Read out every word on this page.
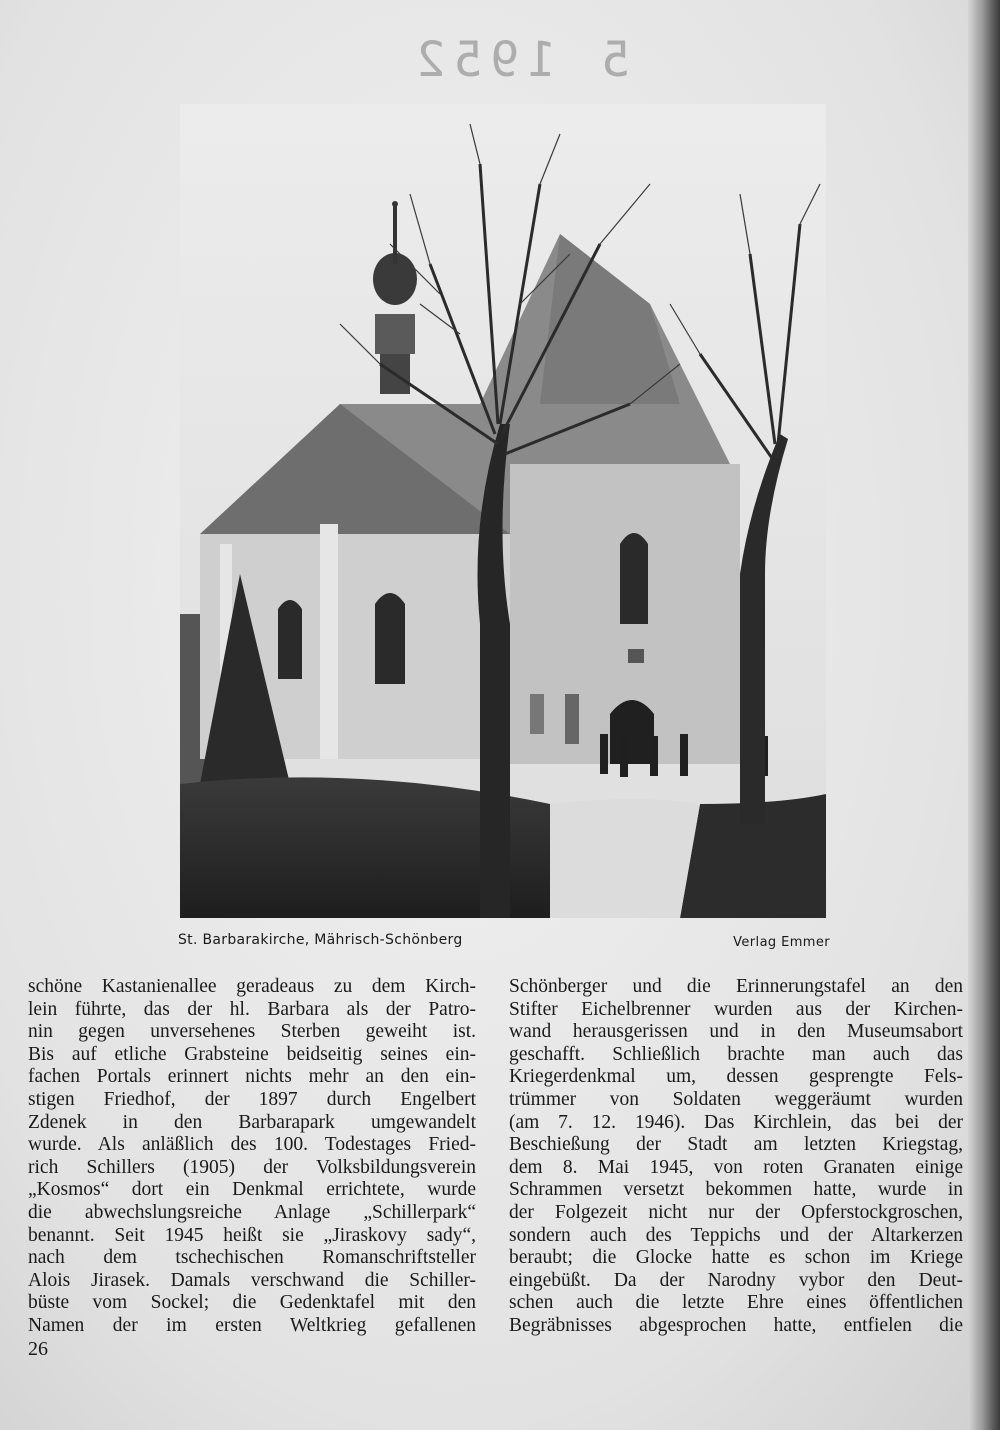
5 1952
St. Barbarakirche, Mährisch-Schönberg	Verlag Emmer
schöne Kastanienallee geradeaus zu dem Kirch-
lein führte, das der hl. Barbara als der Patro-
nin gegen unversehenes Sterben geweiht ist.
Bis auf etliche Grabsteine beidseitig seines ein-
fachen Portals erinnert nichts mehr an den ein-
stigen Friedhof, der 1897 durch Engelbert
Zdenek in den Barbarapark umgewandelt
wurde. Als anläßlich des 100. Todestages Fried-
rich Schillers (1905) der Volksbildungsverein
„Kosmos“ dort ein Denkmal errichtete, wurde
die abwechslungsreiche Anlage „Schillerpark“
benannt. Seit 1945 heißt sie „Jiraskovy sady“,
nach dem tschechischen Romanschriftsteller
Alois Jirasek. Damals verschwand die Schiller-
büste vom Sockel; die Gedenktafel mit den
Namen der im ersten Weltkrieg gefallenen
Schönberger und die Erinnerungstafel an den
Stifter Eichelbrenner wurden aus der Kirchen-
wand herausgerissen und in den Museumsabort
geschafft. Schließlich brachte man auch das
Kriegerdenkmal um, dessen gesprengte Fels-
trümmer von Soldaten weggeräumt wurden
(am 7. 12. 1946). Das Kirchlein, das bei der
Beschießung der Stadt am letzten Kriegstag,
dem 8. Mai 1945, von roten Granaten einige
Schrammen versetzt bekommen hatte, wurde in
der Folgezeit nicht nur der Opferstockgroschen,
sondern auch des Teppichs und der Altarkerzen
beraubt; die Glocke hatte es schon im Kriege
eingebüßt. Da der Narodny vybor den Deut-
schen auch die letzte Ehre eines öffentlichen
Begräbnisses abgesprochen hatte, entfielen die
26
